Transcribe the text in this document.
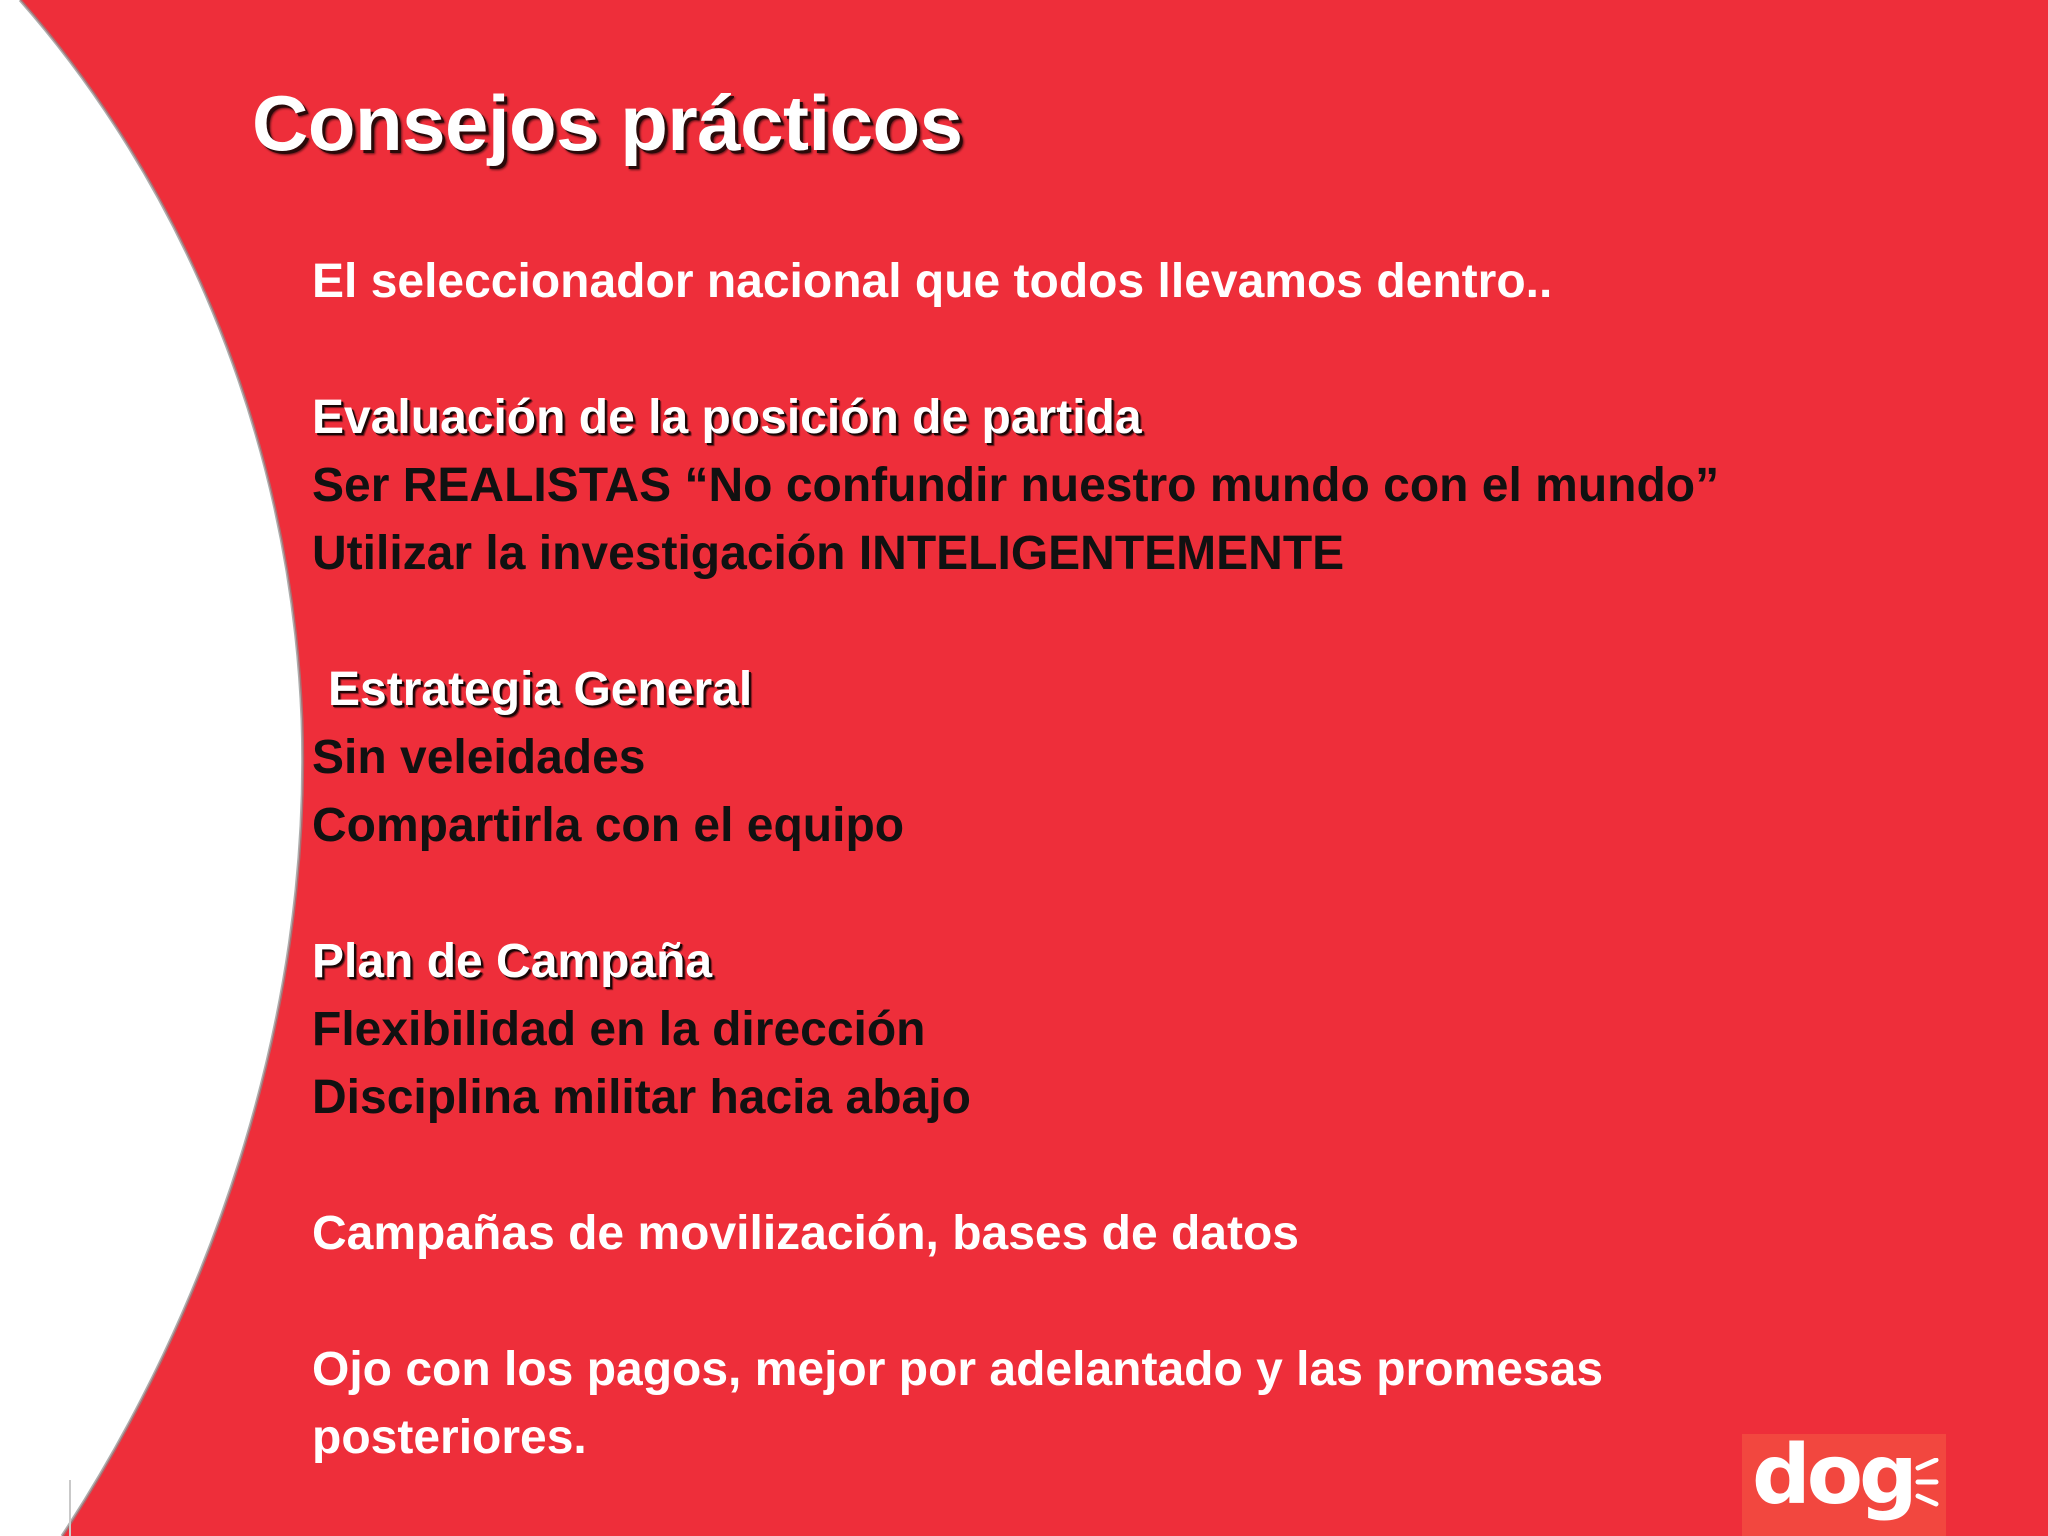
Consejos prácticos
El seleccionador nacional que todos llevamos dentro..
Evaluación de la posición de partida
Ser REALISTAS “No confundir nuestro mundo con el mundo”
Utilizar la investigación INTELIGENTEMENTE
Estrategia General
Sin veleidades
Compartirla con el equipo
Plan de Campaña
Flexibilidad en la dirección
Disciplina militar hacia abajo
Campañas de movilización, bases de datos
Ojo con los pagos, mejor por adelantado y las promesas posteriores.	dog
